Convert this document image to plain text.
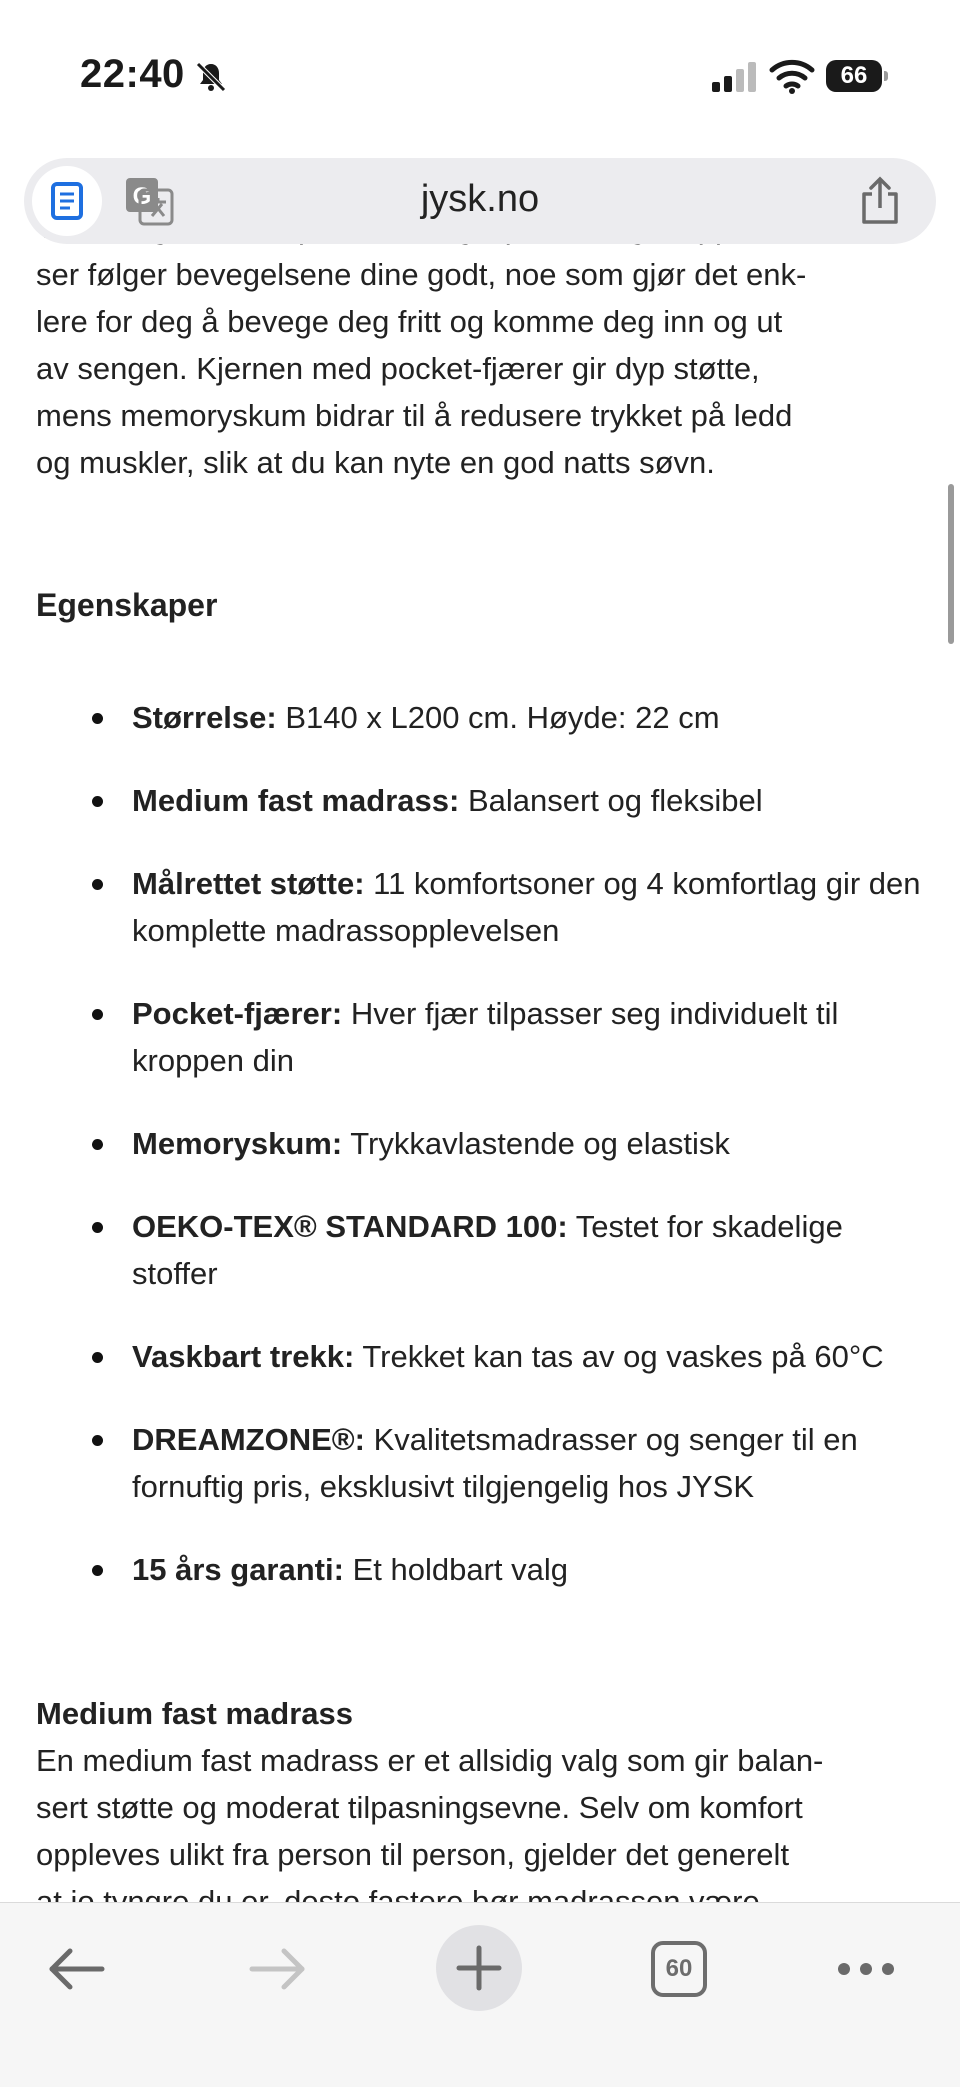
22:40	66
G	jysk.no
ser følger bevegelsene dine godt, noe som gjør det enk-
lere for deg å bevege deg fritt og komme deg inn og ut
av sengen. Kjernen med pocket-fjærer gir dyp støtte,
mens memoryskum bidrar til å redusere trykket på ledd
og muskler, slik at du kan nyte en god natts søvn.
Egenskaper
Størrelse: B140 x L200 cm. Høyde: 22 cm
Medium fast madrass: Balansert og fleksibel
Målrettet støtte: 11 komfortsoner og 4 komfortlag gir den komplette madrassopplevelsen
Pocket-fjærer: Hver fjær tilpasser seg individuelt til kroppen din
Memoryskum: Trykkavlastende og elastisk
OEKO-TEX® STANDARD 100: Testet for skadelige stoffer
Vaskbart trekk: Trekket kan tas av og vaskes på 60°C
DREAMZONE®: Kvalitetsmadrasser og senger til en fornuftig pris, eksklusivt tilgjengelig hos JYSK
15 års garanti: Et holdbart valg
Medium fast madrass
En medium fast madrass er et allsidig valg som gir balan-
sert støtte og moderat tilpasningsevne. Selv om komfort
oppleves ulikt fra person til person, gjelder det generelt
60
